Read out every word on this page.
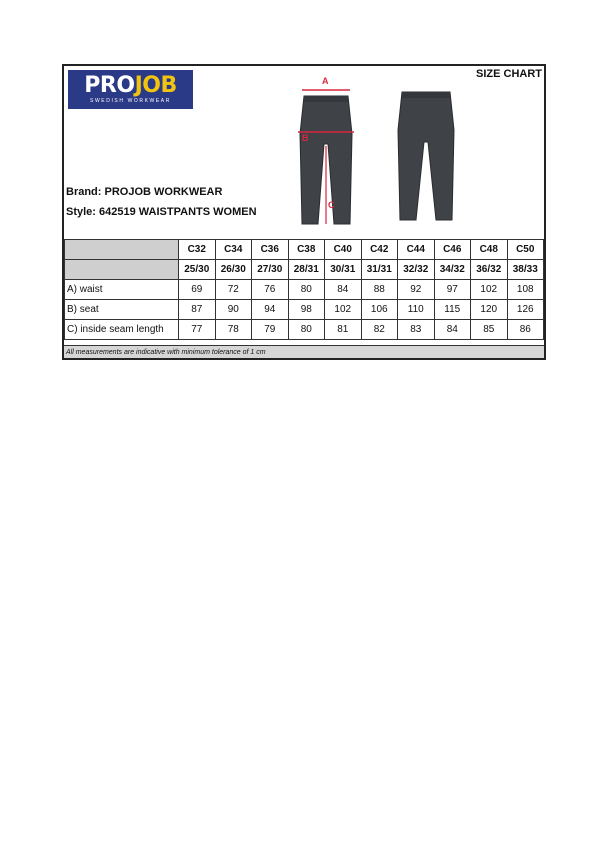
PROJOB
SWEDISH WORKWEAR
SIZE CHART
A
B
C
Brand: PROJOB WORKWEAR
Style: 642519 WAISTPANTS WOMEN
	C32	C34	C36	C38	C40	C42	C44	C46	C48	C50
	25/30	26/30	27/30	28/31	30/31	31/31	32/32	34/32	36/32	38/33
A) waist	69	72	76	80	84	88	92	97	102	108
B) seat	87	90	94	98	102	106	110	115	120	126
C) inside seam length	77	78	79	80	81	82	83	84	85	86
All measurements are indicative with minimum tolerance of 1 cm
